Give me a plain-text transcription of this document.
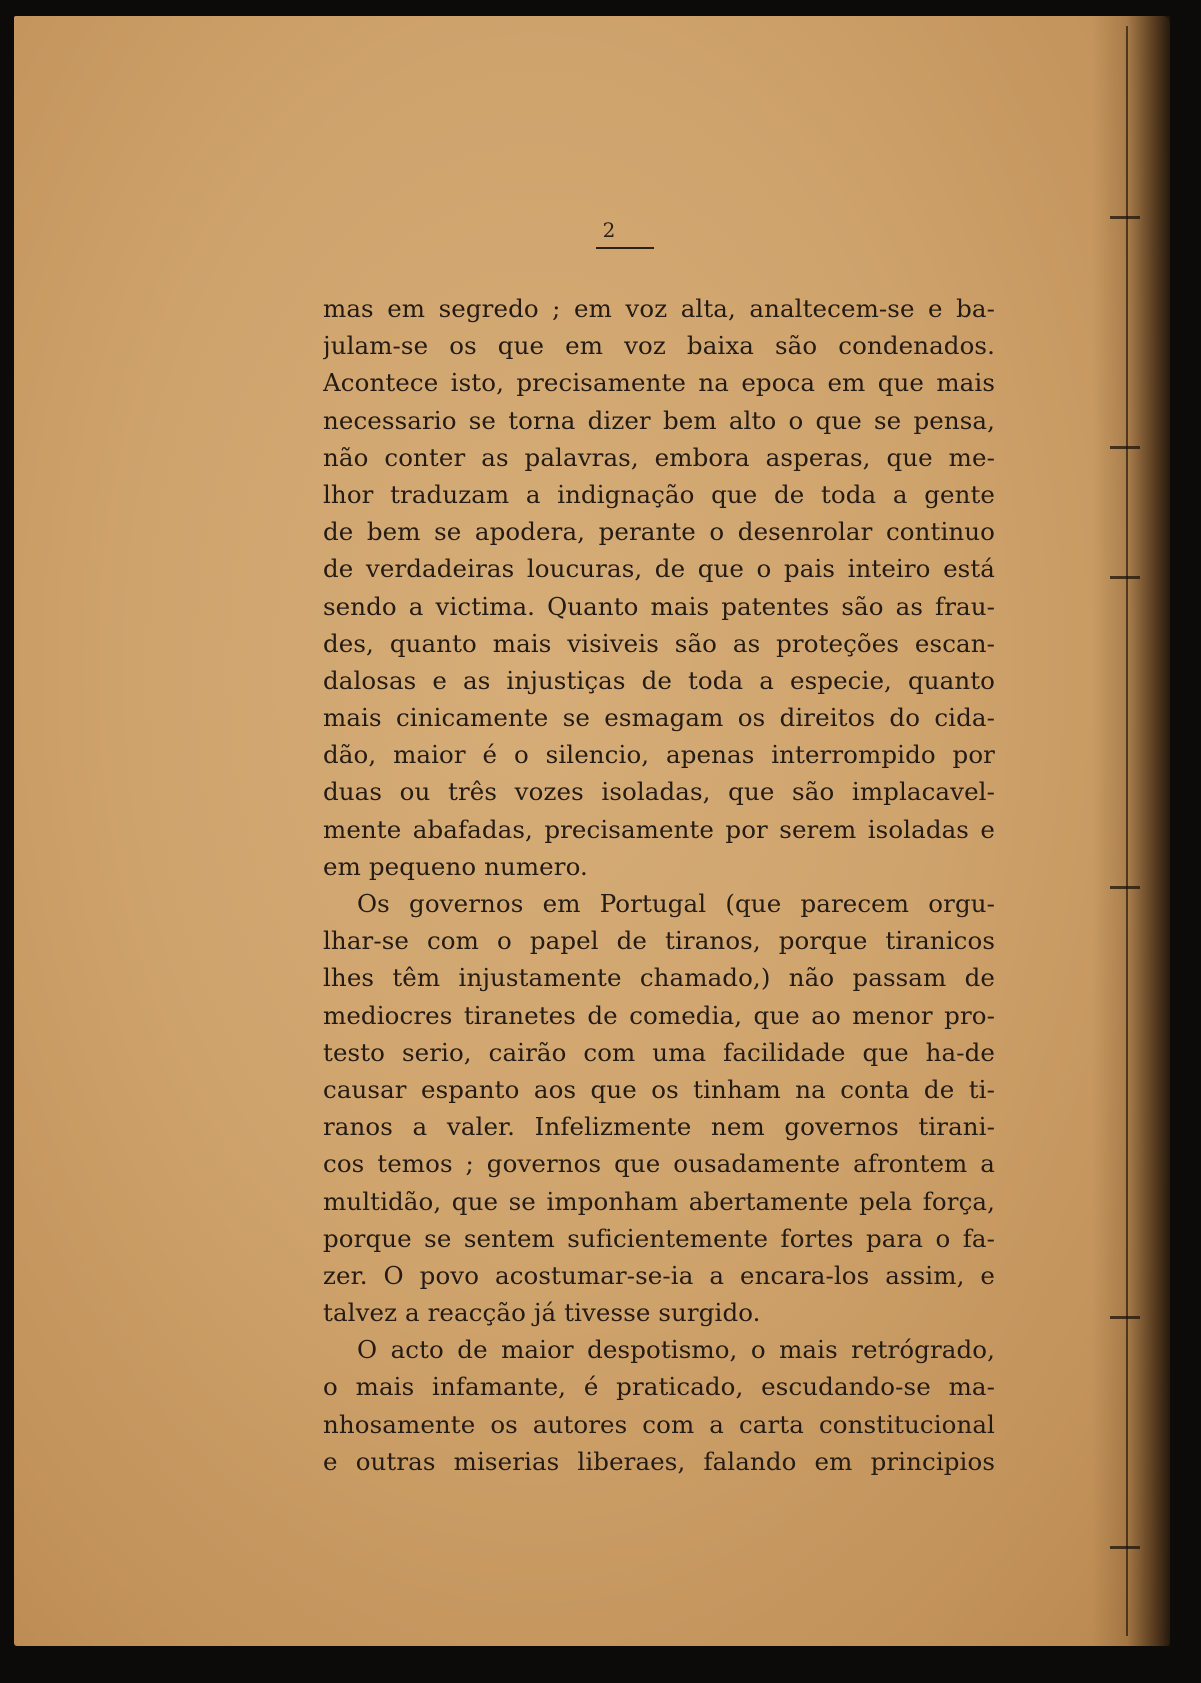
2
mas em segredo ; em voz alta, analtecem-se e ba-
julam-se os que em voz baixa são condenados.
Acontece isto, precisamente na epoca em que mais
necessario se torna dizer bem alto o que se pensa,
não conter as palavras, embora asperas, que me-
lhor traduzam a indignação que de toda a gente
de bem se apodera, perante o desenrolar continuo
de verdadeiras loucuras, de que o pais inteiro está
sendo a victima. Quanto mais patentes são as frau-
des, quanto mais visiveis são as proteções escan-
dalosas e as injustiças de toda a especie, quanto
mais cinicamente se esmagam os direitos do cida-
dão, maior é o silencio, apenas interrompido por
duas ou três vozes isoladas, que são implacavel-
mente abafadas, precisamente por serem isoladas e
em pequeno numero.
Os governos em Portugal (que parecem orgu-
lhar-se com o papel de tiranos, porque tiranicos
lhes têm injustamente chamado,) não passam de
mediocres tiranetes de comedia, que ao menor pro-
testo serio, cairão com uma facilidade que ha-de
causar espanto aos que os tinham na conta de ti-
ranos a valer. Infelizmente nem governos tirani-
cos temos ; governos que ousadamente afrontem a
multidão, que se imponham abertamente pela força,
porque se sentem suficientemente fortes para o fa-
zer. O povo acostumar-se-ia a encara-los assim, e
talvez a reacção já tivesse surgido.
O acto de maior despotismo, o mais retrógrado,
o mais infamante, é praticado, escudando-se ma-
nhosamente os autores com a carta constitucional
e outras miserias liberaes, falando em principios
